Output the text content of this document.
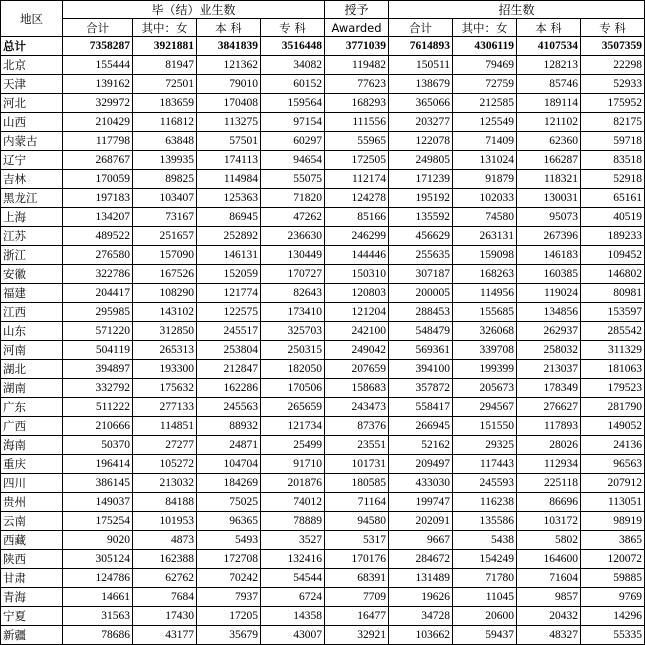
地区	毕（结）业生数				授予	招生数			
	合计	其中：女	本 科	专 科	Awarded	合计	其中：女	本 科	专 科
总计	7358287	3921881	3841839	3516448	3771039	7614893	4306119	4107534	3507359
北京	155444	81947	121362	34082	119482	150511	79469	128213	22298
天津	139162	72501	79010	60152	77623	138679	72759	85746	52933
河北	329972	183659	170408	159564	168293	365066	212585	189114	175952
山西	210429	116812	113275	97154	111556	203277	125549	121102	82175
内蒙古	117798	63848	57501	60297	55965	122078	71409	62360	59718
辽宁	268767	139935	174113	94654	172505	249805	131024	166287	83518
吉林	170059	89825	114984	55075	112174	171239	91879	118321	52918
黑龙江	197183	103407	125363	71820	124278	195192	102033	130031	65161
上海	134207	73167	86945	47262	85166	135592	74580	95073	40519
江苏	489522	251657	252892	236630	246299	456629	263131	267396	189233
浙江	276580	157090	146131	130449	144446	255635	159098	146183	109452
安徽	322786	167526	152059	170727	150310	307187	168263	160385	146802
福建	204417	108290	121774	82643	120803	200005	114956	119024	80981
江西	295985	143102	122575	173410	121204	288453	155685	134856	153597
山东	571220	312850	245517	325703	242100	548479	326068	262937	285542
河南	504119	265313	253804	250315	249042	569361	339708	258032	311329
湖北	394897	193300	212847	182050	207659	394100	199399	213037	181063
湖南	332792	175632	162286	170506	158683	357872	205673	178349	179523
广东	511222	277133	245563	265659	243473	558417	294567	276627	281790
广西	210666	114851	88932	121734	87376	266945	151550	117893	149052
海南	50370	27277	24871	25499	23551	52162	29325	28026	24136
重庆	196414	105272	104704	91710	101731	209497	117443	112934	96563
四川	386145	213032	184269	201876	180585	433030	245593	225118	207912
贵州	149037	84188	75025	74012	71164	199747	116238	86696	113051
云南	175254	101953	96365	78889	94580	202091	135586	103172	98919
西藏	9020	4873	5493	3527	5317	9667	5438	5802	3865
陕西	305124	162388	172708	132416	170176	284672	154249	164600	120072
甘肃	124786	62762	70242	54544	68391	131489	71780	71604	59885
青海	14661	7684	7937	6724	7709	19626	11045	9857	9769
宁夏	31563	17430	17205	14358	16477	34728	20600	20432	14296
新疆	78686	43177	35679	43007	32921	103662	59437	48327	55335
